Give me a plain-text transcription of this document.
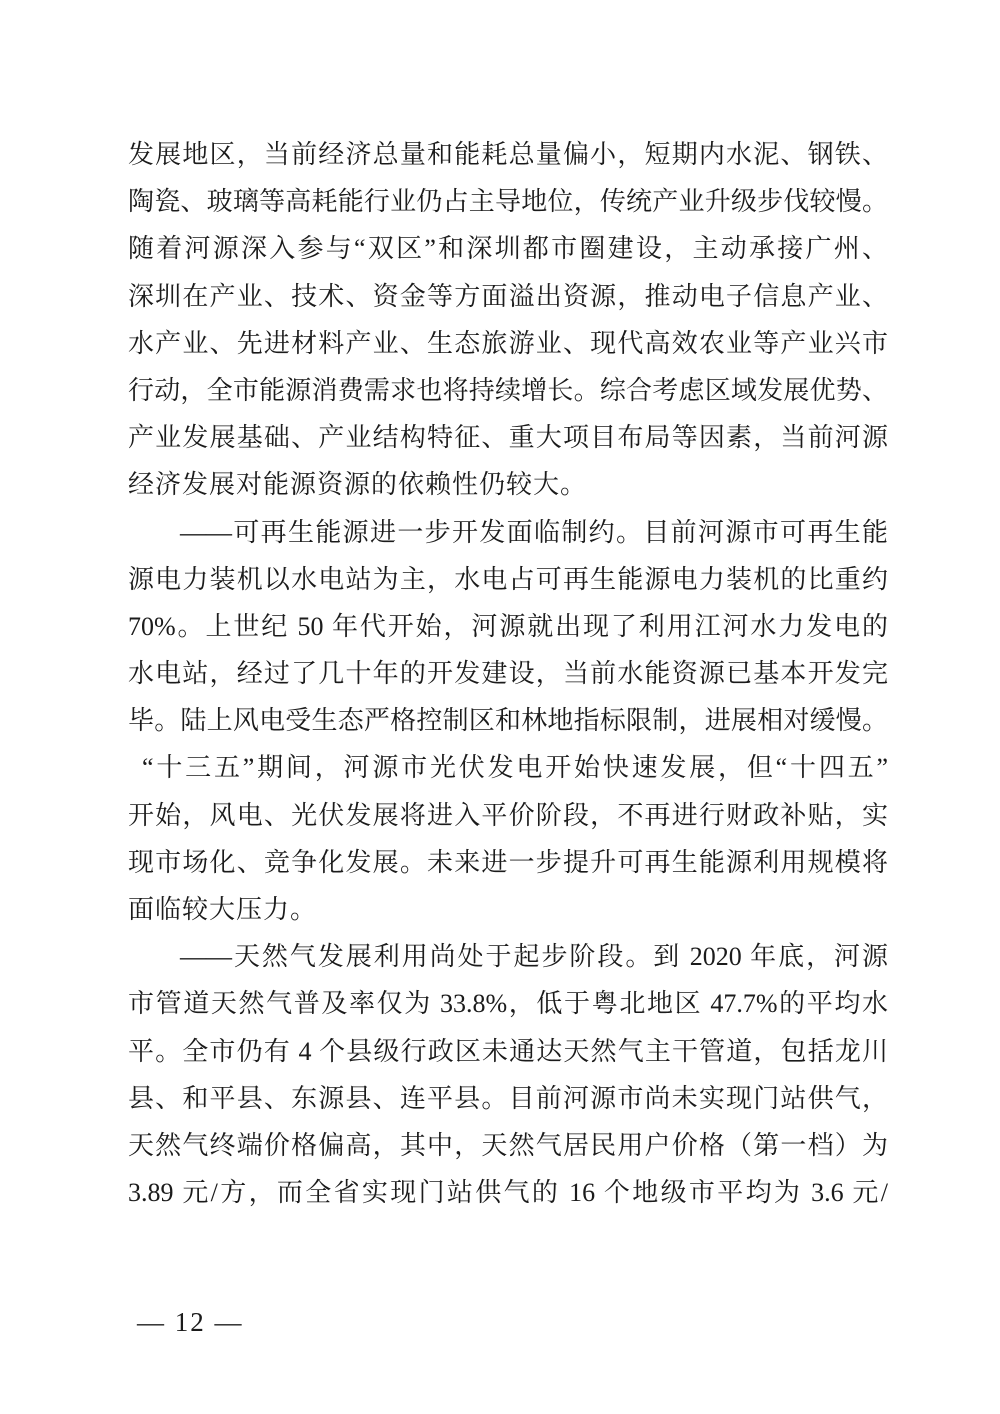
发展地区，当前经济总量和能耗总量偏小，短期内水泥、钢铁、
陶瓷、玻璃等高耗能行业仍占主导地位，传统产业升级步伐较慢。
随着河源深入参与“双区”和深圳都市圈建设，主动承接广州、
深圳在产业、技术、资金等方面溢出资源，推动电子信息产业、
水产业、先进材料产业、生态旅游业、现代高效农业等产业兴市
行动，全市能源消费需求也将持续增长。综合考虑区域发展优势、
产业发展基础、产业结构特征、重大项目布局等因素，当前河源
经济发展对能源资源的依赖性仍较大。
——可再生能源进一步开发面临制约。目前河源市可再生能
源电力装机以水电站为主，水电占可再生能源电力装机的比重约
70%。上世纪 50 年代开始，河源就出现了利用江河水力发电的
水电站，经过了几十年的开发建设，当前水能资源已基本开发完
毕。陆上风电受生态严格控制区和林地指标限制，进展相对缓慢。
“十三五”期间，河源市光伏发电开始快速发展，但“十四五”
开始，风电、光伏发展将进入平价阶段，不再进行财政补贴，实
现市场化、竞争化发展。未来进一步提升可再生能源利用规模将
面临较大压力。
——天然气发展利用尚处于起步阶段。到 2020 年底，河源
市管道天然气普及率仅为 33.8%，低于粤北地区 47.7%的平均水
平。全市仍有 4 个县级行政区未通达天然气主干管道，包括龙川
县、和平县、东源县、连平县。目前河源市尚未实现门站供气，
天然气终端价格偏高，其中，天然气居民用户价格（第一档）为
3.89 元/方，而全省实现门站供气的 16 个地级市平均为 3.6 元/
— 12 —
